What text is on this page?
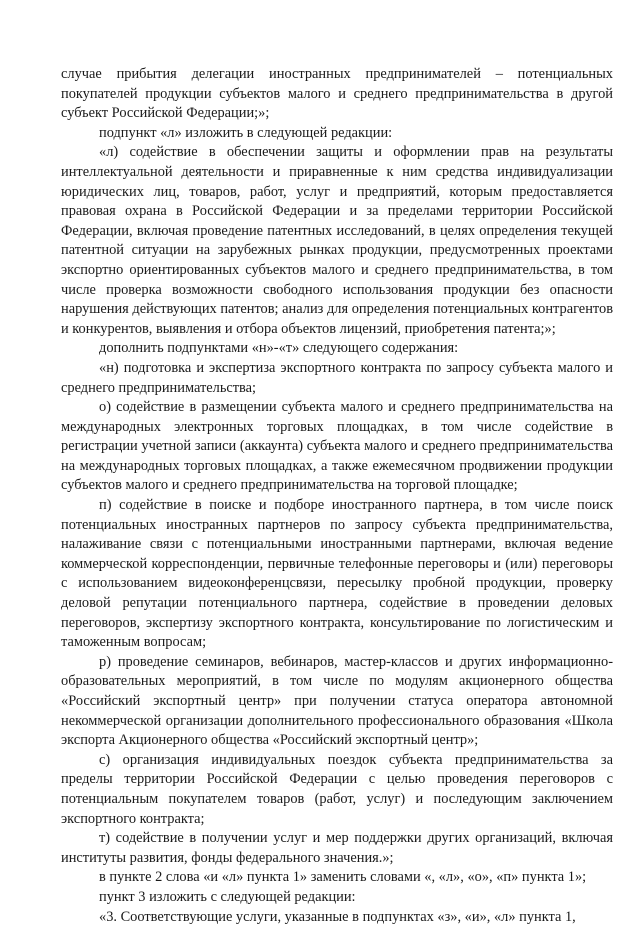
случае прибытия делегации иностранных предпринимателей – потенциальных покупателей продукции субъектов малого и среднего предпринимательства в другой субъект Российской Федерации;»;

подпункт «л» изложить в следующей редакции:

«л) содействие в обеспечении защиты и оформлении прав на результаты интеллектуальной деятельности и приравненные к ним средства индивидуализации юридических лиц, товаров, работ, услуг и предприятий, которым предоставляется правовая охрана в Российской Федерации и за пределами территории Российской Федерации, включая проведение патентных исследований, в целях определения текущей патентной ситуации на зарубежных рынках продукции, предусмотренных проектами экспортно ориентированных субъектов малого и среднего предпринимательства, в том числе проверка возможности свободного использования продукции без опасности нарушения действующих патентов; анализ для определения потенциальных контрагентов и конкурентов, выявления и отбора объектов лицензий, приобретения патента;»;

дополнить подпунктами «н»-«т» следующего содержания:

«н) подготовка и экспертиза экспортного контракта по запросу субъекта малого и среднего предпринимательства;

о) содействие в размещении субъекта малого и среднего предпринимательства на международных электронных торговых площадках, в том числе содействие в регистрации учетной записи (аккаунта) субъекта малого и среднего предпринимательства на международных торговых площадках, а также ежемесячном продвижении продукции субъектов малого и среднего предпринимательства на торговой площадке;

п) содействие в поиске и подборе иностранного партнера, в том числе поиск потенциальных иностранных партнеров по запросу субъекта предпринимательства, налаживание связи с потенциальными иностранными партнерами, включая ведение коммерческой корреспонденции, первичные телефонные переговоры и (или) переговоры с использованием видеоконференцсвязи, пересылку пробной продукции, проверку деловой репутации потенциального партнера, содействие в проведении деловых переговоров, экспертизу экспортного контракта, консультирование по логистическим и таможенным вопросам;

р) проведение семинаров, вебинаров, мастер-классов и других информационно-образовательных мероприятий, в том числе по модулям акционерного общества «Российский экспортный центр» при получении статуса оператора автономной некоммерческой организации дополнительного профессионального образования «Школа экспорта Акционерного общества «Российский экспортный центр»;

с) организация индивидуальных поездок субъекта предпринимательства за пределы территории Российской Федерации с целью проведения переговоров с потенциальным покупателем товаров (работ, услуг) и последующим заключением экспортного контракта;

т) содействие в получении услуг и мер поддержки других организаций, включая институты развития, фонды федерального значения.»;

в пункте 2 слова «и «л» пункта 1» заменить словами «, «л», «о», «п» пункта 1»;

пункт 3 изложить с следующей редакции:

«3. Соответствующие услуги, указанные в подпунктах «з», «и», «л» пункта 1,
